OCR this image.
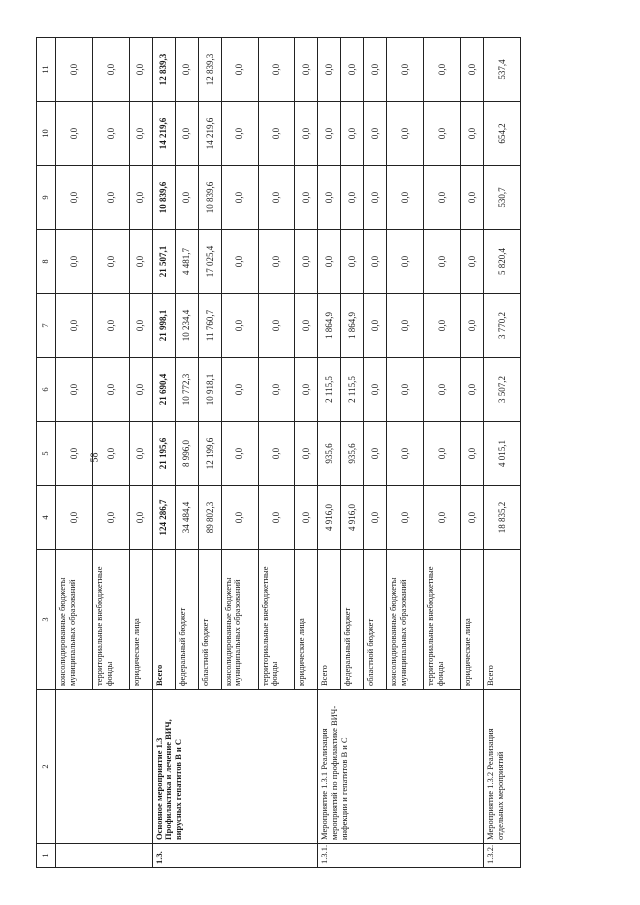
58
1	2	3	4	5	6	7	8	9	10	11
		консолидированные бюджеты муниципальных образований	0,0	0,0	0,0	0,0	0,0	0,0	0,0	0,0
		территориальные внебюджетные фонды	0,0	0,0	0,0	0,0	0,0	0,0	0,0	0,0
		юридические лица	0,0	0,0	0,0	0,0	0,0	0,0	0,0	0,0
1.3.	Основное мероприятие 1.3 Профилактика и лечение ВИЧ, вирусных гепатитов В и С	Всего	124 286,7	21 195,6	21 690,4	21 998,1	21 507,1	10 839,6	14 219,6	12 839,3
		федеральный бюджет	34 484,4	8 996,0	10 772,3	10 234,4	4 481,7	0,0	0,0	0,0
		областной бюджет	89 802,3	12 199,6	10 918,1	11 760,7	17 025,4	10 839,6	14 219,6	12 839,3
		консолидированные бюджеты муниципальных образований	0,0	0,0	0,0	0,0	0,0	0,0	0,0	0,0
		территориальные внебюджетные фонды	0,0	0,0	0,0	0,0	0,0	0,0	0,0	0,0
		юридические лица	0,0	0,0	0,0	0,0	0,0	0,0	0,0	0,0
1.3.1.	Мероприятие 1.3.1 Реализация мероприятий по профилактике ВИЧ-инфекции и гепатитов В и С	Всего	4 916,0	935,6	2 115,5	1 864,9	0,0	0,0	0,0	0,0
		федеральный бюджет	4 916,0	935,6	2 115,5	1 864,9	0,0	0,0	0,0	0,0
		областной бюджет	0,0	0,0	0,0	0,0	0,0	0,0	0,0	0,0
		консолидированные бюджеты муниципальных образований	0,0	0,0	0,0	0,0	0,0	0,0	0,0	0,0
		территориальные внебюджетные фонды	0,0	0,0	0,0	0,0	0,0	0,0	0,0	0,0
		юридические лица	0,0	0,0	0,0	0,0	0,0	0,0	0,0	0,0
1.3.2.	Мероприятие 1.3.2 Реализация отдельных мероприятий	Всего	18 835,2	4 015,1	3 507,2	3 770,2	5 820,4	530,7	654,2	537,4
